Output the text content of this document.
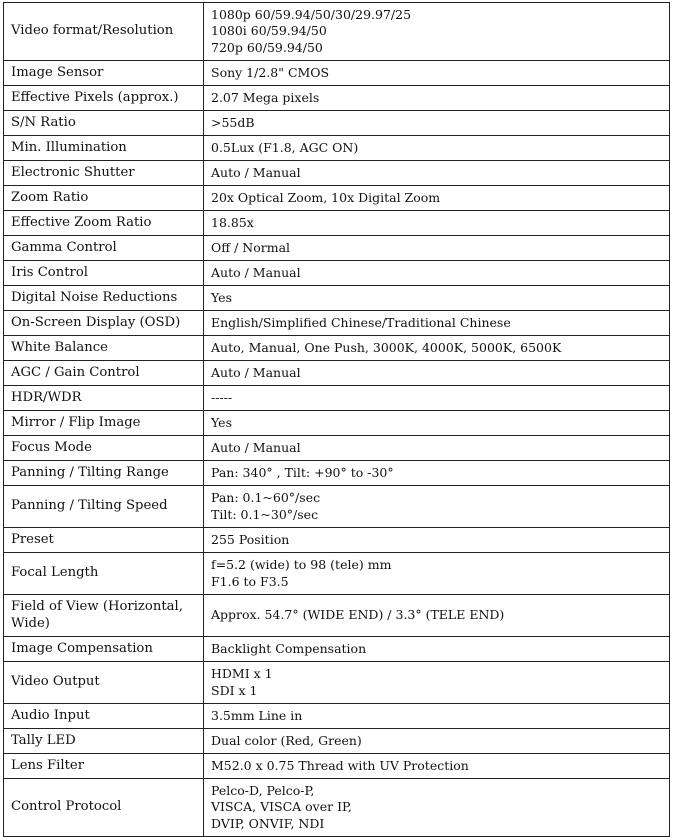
Video format/Resolution	1080p 60/59.94/50/30/29.97/25
1080i 60/59.94/50
720p 60/59.94/50

Image Sensor	Sony 1/2.8" CMOS

Effective Pixels (approx.)	2.07 Mega pixels

S/N Ratio	>55dB

Min. Illumination	0.5Lux (F1.8, AGC ON)

Electronic Shutter	Auto / Manual

Zoom Ratio	20x Optical Zoom, 10x Digital Zoom

Effective Zoom Ratio	18.85x

Gamma Control	Off / Normal

Iris Control	Auto / Manual

Digital Noise Reductions	Yes

On-Screen Display (OSD)	English/Simplified Chinese/Traditional Chinese

White Balance	Auto, Manual, One Push, 3000K, 4000K, 5000K, 6500K

AGC / Gain Control	Auto / Manual

HDR/WDR	-----

Mirror / Flip Image	Yes

Focus Mode	Auto / Manual

Panning / Tilting Range	Pan: 340° , Tilt: +90° to -30°

Panning / Tilting Speed	Pan: 0.1~60°/sec
Tilt: 0.1~30°/sec

Preset	255 Position

Focal Length	f=5.2 (wide) to 98 (tele) mm
F1.6 to F3.5

Field of View (Horizontal, Wide)	Approx. 54.7° (WIDE END) / 3.3° (TELE END)

Image Compensation	Backlight Compensation

Video Output	HDMI x 1
SDI x 1

Audio Input	3.5mm Line in

Tally LED	Dual color (Red, Green)

Lens Filter	M52.0 x 0.75 Thread with UV Protection

Control Protocol	Pelco-D, Pelco-P,
VISCA, VISCA over IP,
DVIP, ONVIF, NDI
